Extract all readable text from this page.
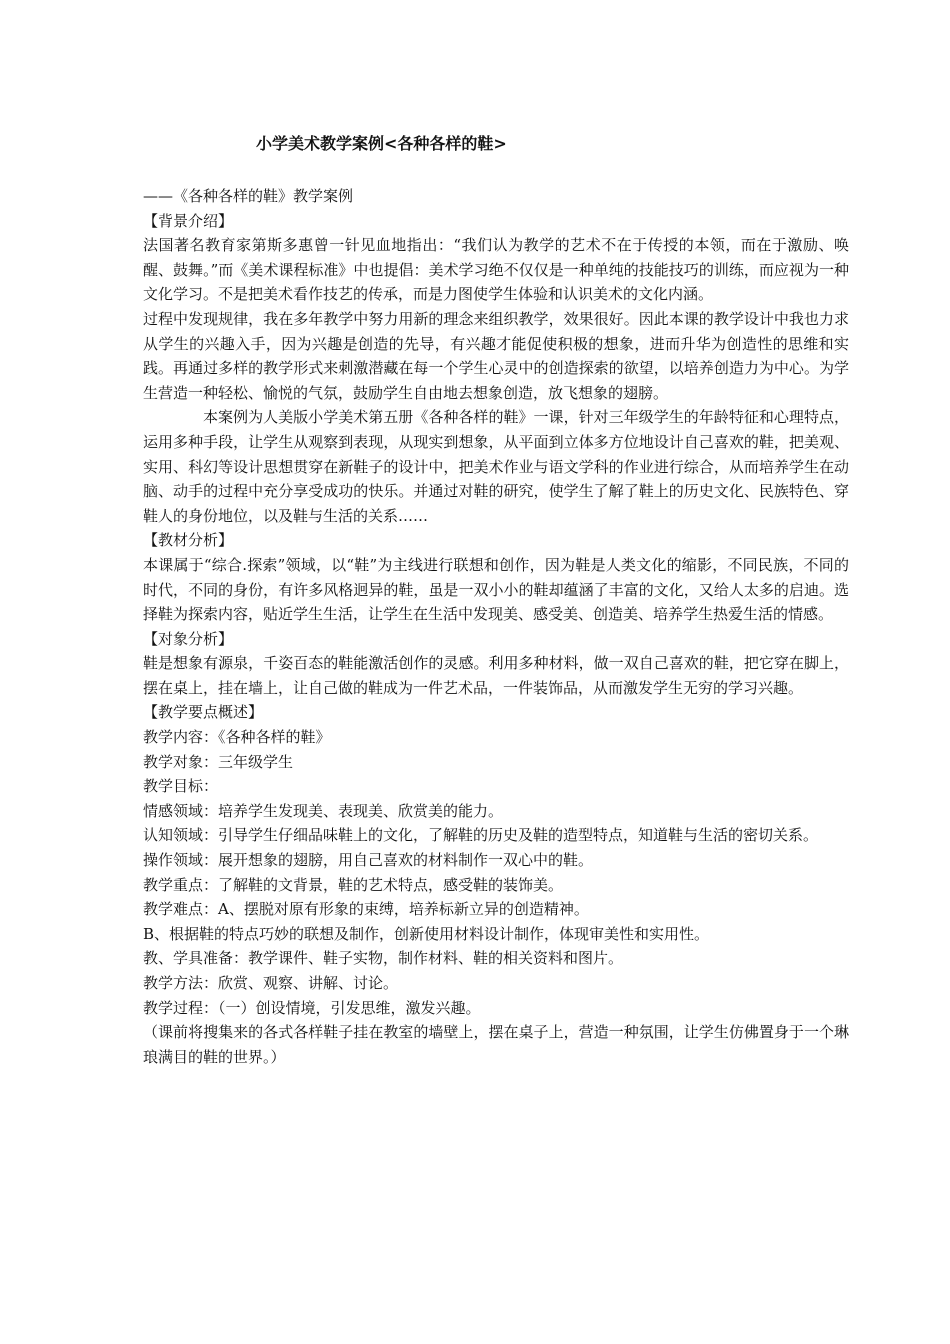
小学美术教学案例<各种各样的鞋>

——《各种各样的鞋》教学案例

【背景介绍】

法国著名教育家第斯多惠曾一针见血地指出：“我们认为教学的艺术不在于传授的本领，而在于激励、唤醒、鼓舞。”而《美术课程标准》中也提倡：美术学习绝不仅仅是一种单纯的技能技巧的训练，而应视为一种文化学习。不是把美术看作技艺的传承，而是力图使学生体验和认识美术的文化内涵。

过程中发现规律，我在多年教学中努力用新的理念来组织教学，效果很好。因此本课的教学设计中我也力求从学生的兴趣入手，因为兴趣是创造的先导，有兴趣才能促使积极的想象，进而升华为创造性的思维和实践。再通过多样的教学形式来刺激潜藏在每一个学生心灵中的创造探索的欲望，以培养创造力为中心。为学生营造一种轻松、愉悦的气氛，鼓励学生自由地去想象创造，放飞想象的翅膀。

本案例为人美版小学美术第五册《各种各样的鞋》一课，针对三年级学生的年龄特征和心理特点，运用多种手段，让学生从观察到表现，从现实到想象，从平面到立体多方位地设计自己喜欢的鞋，把美观、实用、科幻等设计思想贯穿在新鞋子的设计中，把美术作业与语文学科的作业进行综合，从而培养学生在动脑、动手的过程中充分享受成功的快乐。并通过对鞋的研究，使学生了解了鞋上的历史文化、民族特色、穿鞋人的身份地位，以及鞋与生活的关系……

【教材分析】

本课属于“综合.探索”领域，以“鞋”为主线进行联想和创作，因为鞋是人类文化的缩影，不同民族，不同的时代，不同的身份，有许多风格迥异的鞋，虽是一双小小的鞋却蕴涵了丰富的文化，又给人太多的启迪。选择鞋为探索内容，贴近学生生活，让学生在生活中发现美、感受美、创造美、培养学生热爱生活的情感。

【对象分析】

鞋是想象有源泉，千姿百态的鞋能激活创作的灵感。利用多种材料，做一双自己喜欢的鞋，把它穿在脚上，摆在桌上，挂在墙上，让自己做的鞋成为一件艺术品，一件装饰品，从而激发学生无穷的学习兴趣。

【教学要点概述】

教学内容：《各种各样的鞋》

教学对象：三年级学生

教学目标：

情感领域：培养学生发现美、表现美、欣赏美的能力。

认知领域：引导学生仔细品味鞋上的文化，了解鞋的历史及鞋的造型特点，知道鞋与生活的密切关系。

操作领域：展开想象的翅膀，用自己喜欢的材料制作一双心中的鞋。

教学重点：了解鞋的文背景，鞋的艺术特点，感受鞋的装饰美。

教学难点：A、摆脱对原有形象的束缚，培养标新立异的创造精神。

B、根据鞋的特点巧妙的联想及制作，创新使用材料设计制作，体现审美性和实用性。

教、学具准备：教学课件、鞋子实物，制作材料、鞋的相关资料和图片。

教学方法：欣赏、观察、讲解、讨论。

教学过程：（一）创设情境，引发思维，激发兴趣。

（课前将搜集来的各式各样鞋子挂在教室的墙壁上，摆在桌子上，营造一种氛围，让学生仿佛置身于一个琳琅满目的鞋的世界。）
